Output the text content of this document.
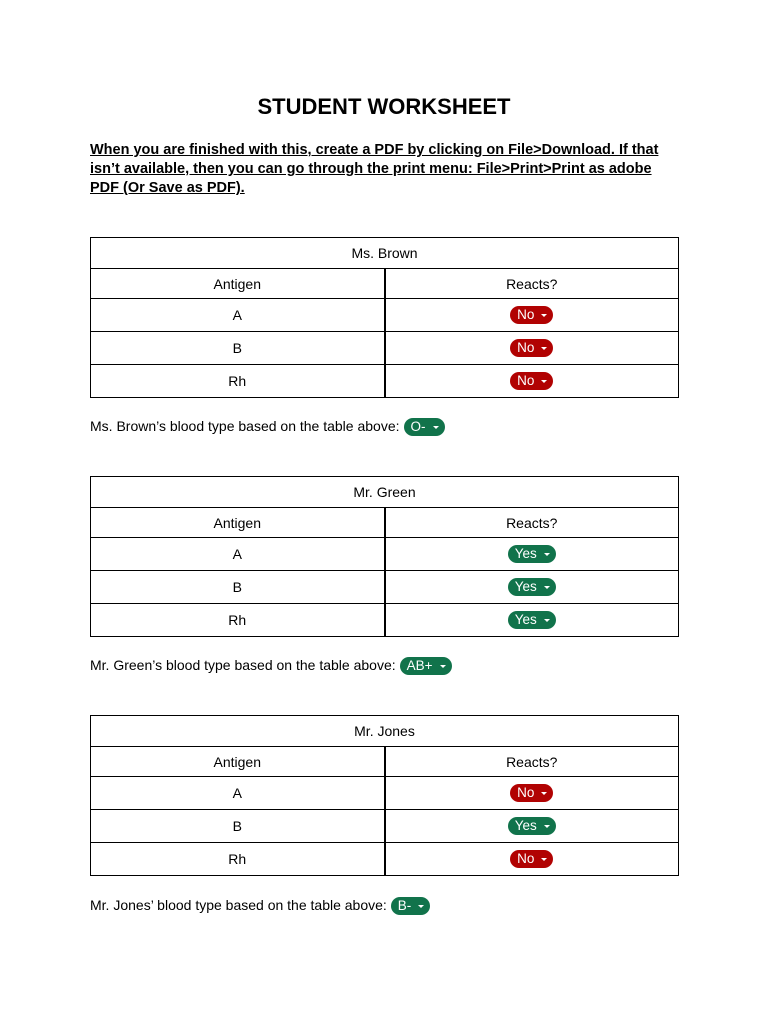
STUDENT WORKSHEET
When you are finished with this, create a PDF by clicking on File>Download. If that isn’t available, then you can go through the print menu: File>Print>Print as adobe PDF (Or Save as PDF).
Ms. Brown	
Antigen	Reacts?
A	No

B	No

Rh	No
Ms. Brown’s blood type based on the table above: O-
Mr. Green	
Antigen	Reacts?
A	Yes

B	Yes

Rh	Yes
Mr. Green’s blood type based on the table above: AB+
Mr. Jones	
Antigen	Reacts?
A	No

B	Yes

Rh	No
Mr. Jones’ blood type based on the table above: B-
